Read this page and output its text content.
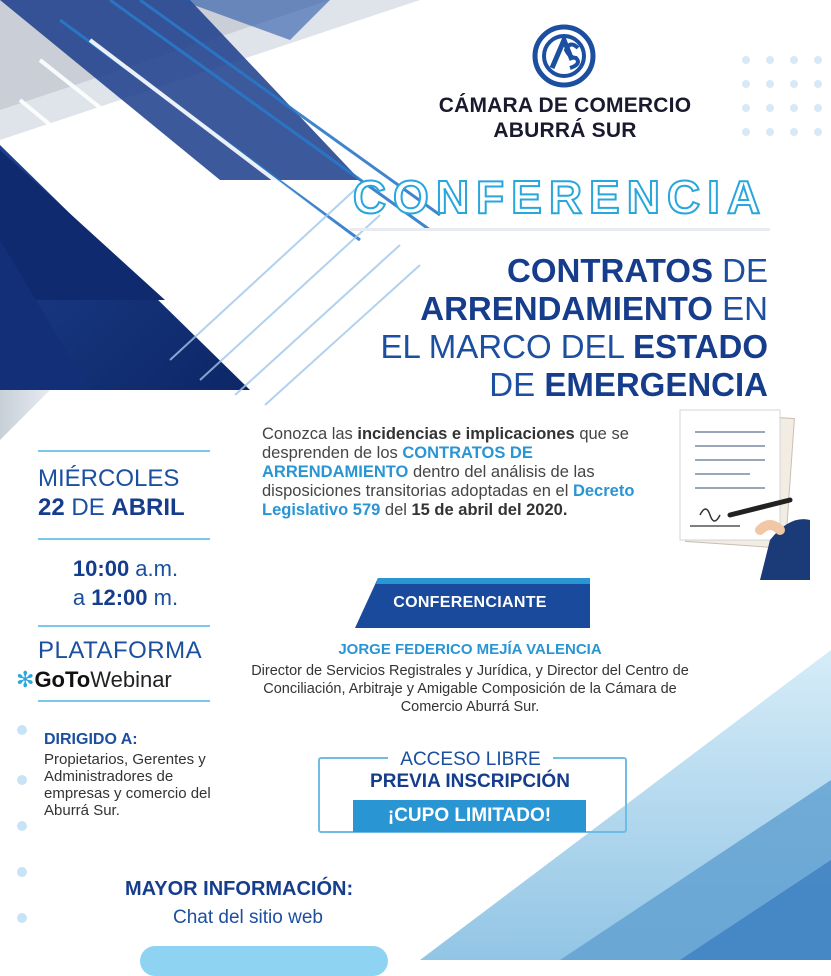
AS
CÁMARA DE COMERCIO
ABURRÁ SUR
CONFERENCIA
CONTRATOS DE
ARRENDAMIENTO EN
EL MARCO DEL ESTADO
DE EMERGENCIA
Conozca las incidencias e implicaciones que se desprenden de los CONTRATOS DE ARRENDAMIENTO dentro del análisis de las disposiciones transitorias adoptadas en el Decreto Legislativo 579 del 15 de abril del 2020.
MIÉRCOLES
22 DE ABRIL
10:00 a.m.
a 12:00 m.
PLATAFORMA
✻GoToWebinar
DIRIGIDO A:
Propietarios, Gerentes y Administradores de empresas y comercio del Aburrá Sur.
CONFERENCIANTE
JORGE FEDERICO MEJÍA VALENCIA
Director de Servicios Registrales y Jurídica, y Director del Centro de Conciliación, Arbitraje y Amigable Composición de la Cámara de Comercio Aburrá Sur.
ACCESO LIBRE
PREVIA INSCRIPCIÓN
¡CUPO LIMITADO!
MAYOR INFORMACIÓN:
Chat del sitio web
